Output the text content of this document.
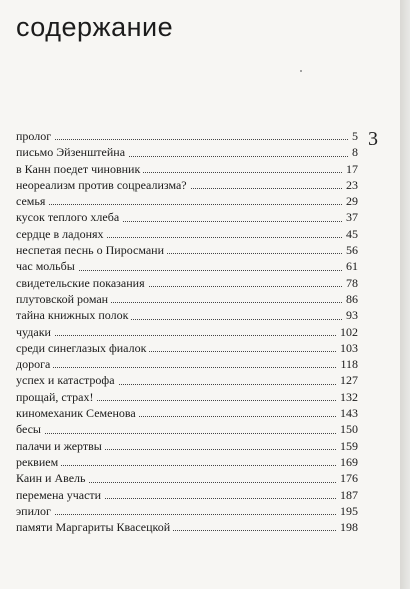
содержание
3
пролог	5
письмо Эйзенштейна	8
в Канн поедет чиновник	17
неореализм против соцреализма?	23
семья	29
кусок теплого хлеба	37
сердце в ладонях	45
неспетая песнь о Пиросмани	56
час мольбы	61
свидетельские показания	78
плутовской роман	86
тайна книжных полок	93
чудаки	102
среди синеглазых фиалок	103
дорога	118
успех и катастрофа	127
прощай, страх!	132
киномеханик Семенова	143
бесы	150
палачи и жертвы	159
реквием	169
Каин и Авель	176
перемена участи	187
эпилог	195
памяти Маргариты Квасецкой	198
